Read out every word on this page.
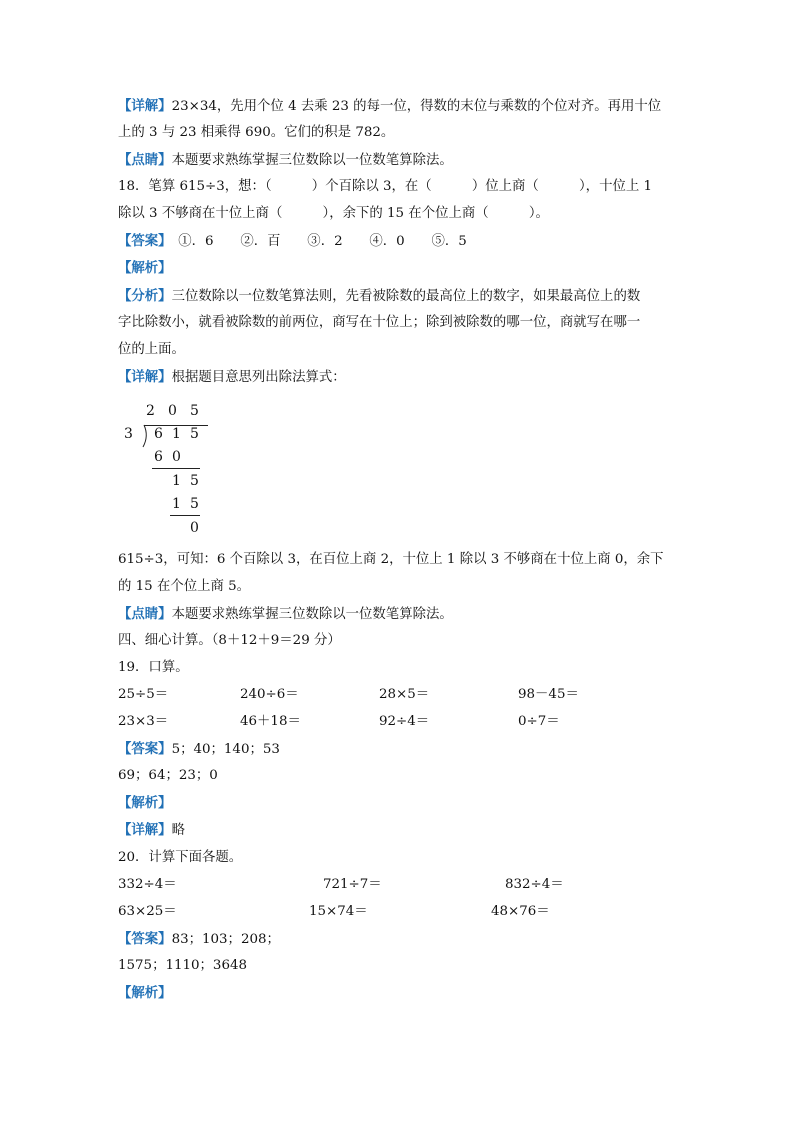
【详解】23×34，先用个位 4 去乘 23 的每一位，得数的末位与乘数的个位对齐。再用十位
上的 3 与 23 相乘得 690。它们的积是 782。
【点睛】本题要求熟练掌握三位数除以一位数笔算除法。
18．笔算 615÷3，想：（　　　）个百除以 3，在（　　　）位上商（　　　），十位上 1
除以 3 不够商在十位上商（　　　），余下的 15 在个位上商（　　　）。
【答案】　①．6　　②．百　　③．2　　④．0　　⑤．5
【解析】
【分析】三位数除以一位数笔算法则，先看被除数的最高位上的数字，如果最高位上的数
字比除数小，就看被除数的前两位，商写在十位上；除到被除数的哪一位，商就写在哪一
位的上面。
【详解】根据题目意思列出除法算式：
2 0 5
3 6 1 5
6 0
1 5
1 5
0
615÷3，可知：6 个百除以 3，在百位上商 2，十位上 1 除以 3 不够商在十位上商 0，余下
的 15 在个位上商 5。
【点睛】本题要求熟练掌握三位数除以一位数笔算除法。
四、细心计算。（8＋12＋9＝29 分）
19．口算。
25÷5＝	240÷6＝	28×5＝	98－45＝
23×3＝	46＋18＝	92÷4＝	0÷7＝
【答案】5；40；140；53
69；64；23；0
【解析】
【详解】略
20．计算下面各题。
332÷4＝	721÷7＝	832÷4＝
63×25＝	15×74＝	48×76＝
【答案】83；103；208；
1575；1110；3648
【解析】
